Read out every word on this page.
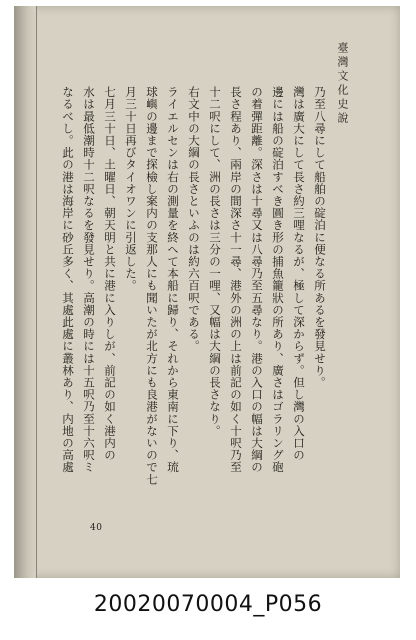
臺灣文化史說
乃至八尋にして船舶の碇泊に便なる所あるを發見せり。
灣は廣大にして長さ約三哩なるが、極して深からず。但し灣の入口の
邊には船の碇泊すべき圓き形の捕魚籠狀の所あり、廣さはゴラリング砲
の着彈距離。深さは十尋又は八尋乃至五尋なり。港の入口の幅は大綱の
長さ程あり、兩岸の間深さ十一尋、港外の洲の上は前記の如く十呎乃至
十二呎にして、洲の長さは三分の一哩、又幅は大綱の長さなり。
右文中の大綱の長さといふのは約六百呎である。
ライエルセンは右の測量を終へて本船に歸り、それから東南に下り、琉
球嶼の邊まで探檢し案内の支那人にも聞いたが北方にも良港がないので七
月三十日再びタイオワンに引返した。
七月三十日、土曜日、朝天明と共に港に入りしが、前記の如く港内の
水は最低潮時十二呎なるを發見せり。高潮の時には十五呎乃至十六呎ミ
なるべし。此の港は海岸に砂丘多く、其處此處に叢林あり、内地の高處
40
20020070004_P056
